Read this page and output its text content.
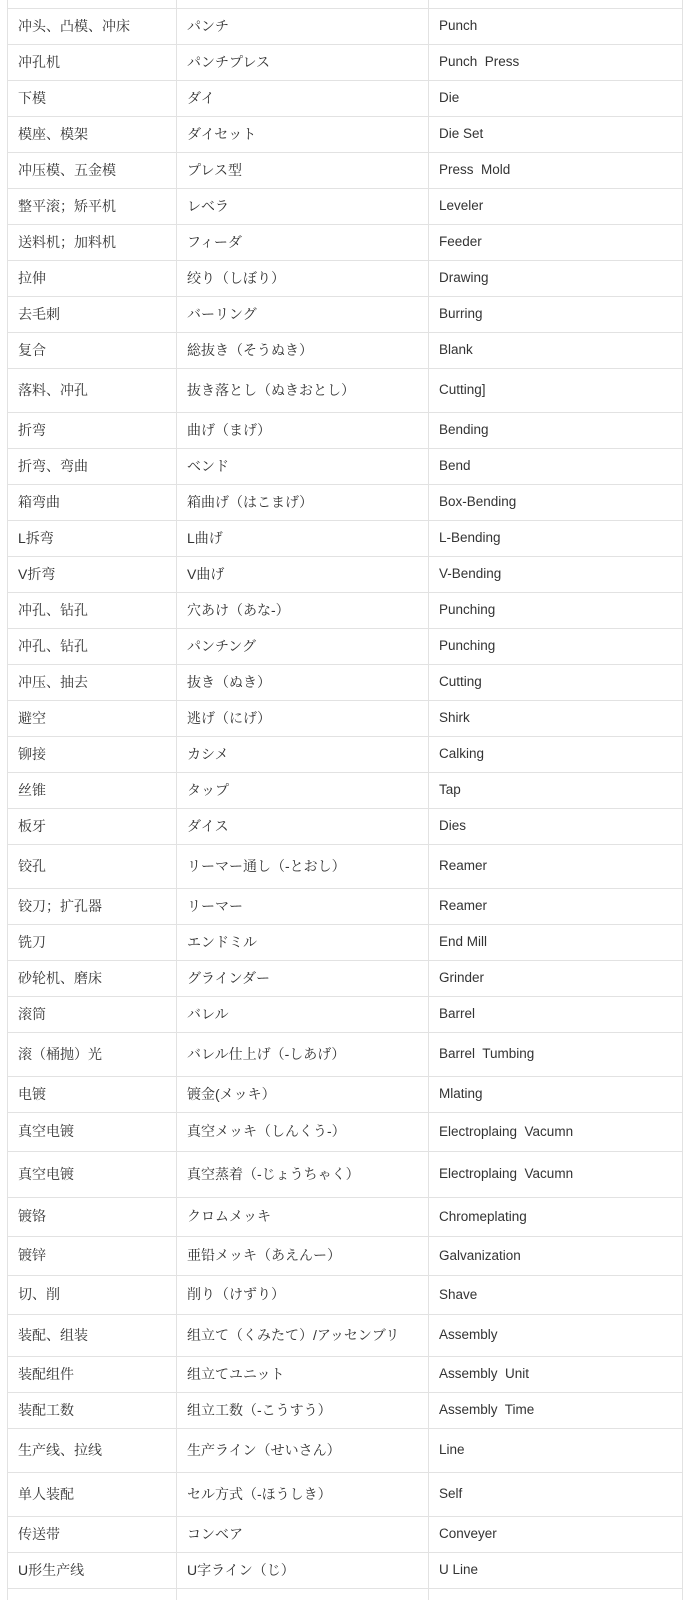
冲头、凸模、冲床	パンチ	Punch
冲孔机	パンチプレス	Punch  Press
下模	ダイ	Die
模座、模架	ダイセット	Die Set
冲压模、五金模	プレス型	Press  Mold
整平滚；矫平机	レベラ	Leveler
送料机；加料机	フィーダ	Feeder
拉伸	绞り（しぼり）	Drawing
去毛刺	バーリング	Burring
复合	総抜き（そうぬき）	Blank
落料、冲孔	抜き落とし（ぬきおとし）	Cutting]
折弯	曲げ（まげ）	Bending
折弯、弯曲	ベンド	Bend
箱弯曲	箱曲げ（はこまげ）	Box-Bending
L拆弯	L曲げ	L-Bending
V折弯	V曲げ	V-Bending
冲孔、钻孔	穴あけ（あな-）	Punching
冲孔、钻孔	パンチング	Punching
冲压、抽去	抜き（ぬき）	Cutting
避空	逃げ（にげ）	Shirk
铆接	カシメ	Calking
丝锥	タップ	Tap
板牙	ダイス	Dies
铰孔	リーマー通し（-とおし）	Reamer
铰刀；扩孔器	リーマー	Reamer
铣刀	エンドミル	End Mill
砂轮机、磨床	グラインダー	Grinder
滚筒	バレル	Barrel
滚（桶抛）光	バレル仕上げ（‐しあげ）	Barrel  Tumbing
电镀	镀金(メッキ）	Mlating
真空电镀	真空メッキ（しんくう-）	Electroplaing  Vacumn
真空电镀	真空蒸着（‐じょうちゃく）	Electroplaing  Vacumn
镀铬	クロムメッキ	Chromeplating
镀锌	亜铅メッキ（あえんー）	Galvanization
切、削	削り（けずり）	Shave
装配、组装	组立て（くみたて）/アッセンブリ	Assembly
装配组件	组立てユニット	Assembly  Unit
装配工数	组立工数（-こうすう）	Assembly  Time
生产线、拉线	生产ライン（せいさん）	Line
单人装配	セル方式（‐ほうしき）	Self
传送带	コンベア	Conveyer
U形生产线	U字ライン（じ）	U Line
